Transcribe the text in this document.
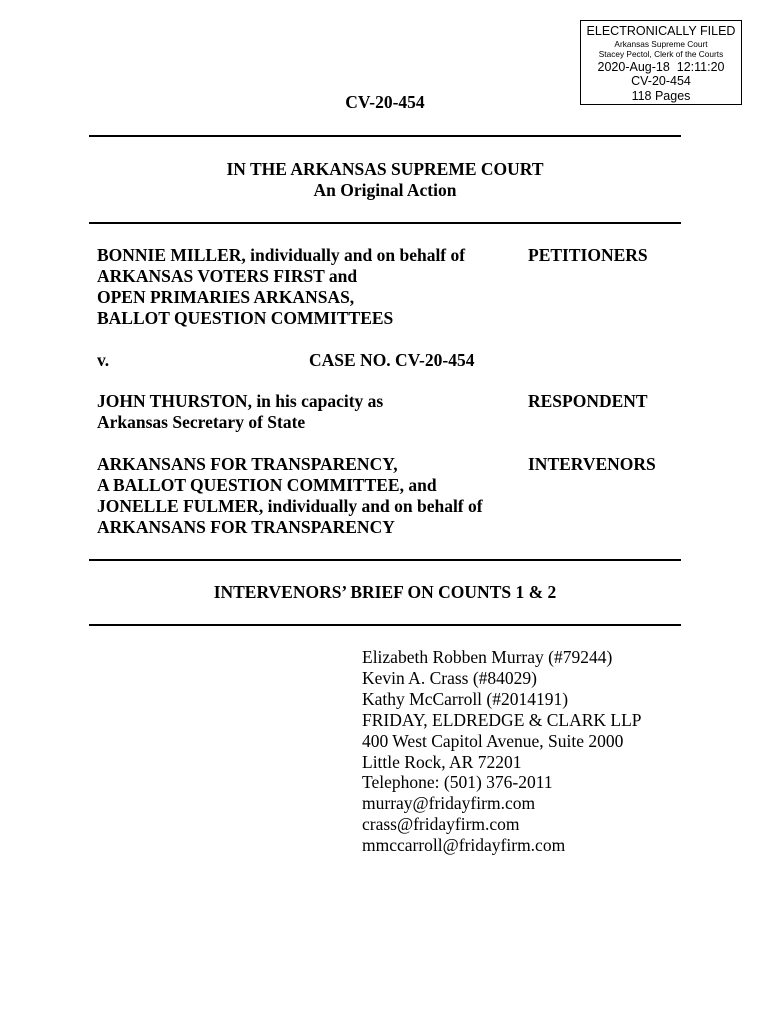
ELECTRONICALLY FILED
Arkansas Supreme Court
Stacey Pectol, Clerk of the Courts
2020-Aug-18  12:11:20
CV-20-454
118 Pages
CV-20-454
IN THE ARKANSAS SUPREME COURT
An Original Action
BONNIE MILLER, individually and on behalf of
ARKANSAS VOTERS FIRST and
OPEN PRIMARIES ARKANSAS,
BALLOT QUESTION COMMITTEES
PETITIONERS
v.	CASE NO. CV-20-454
JOHN THURSTON, in his capacity as
Arkansas Secretary of State
RESPONDENT
ARKANSANS FOR TRANSPARENCY,
A BALLOT QUESTION COMMITTEE, and
JONELLE FULMER, individually and on behalf of
ARKANSANS FOR TRANSPARENCY
INTERVENORS
INTERVENORS’ BRIEF ON COUNTS 1 & 2
Elizabeth Robben Murray (#79244)
Kevin A. Crass (#84029)
Kathy McCarroll (#2014191)
FRIDAY, ELDREDGE & CLARK LLP
400 West Capitol Avenue, Suite 2000
Little Rock, AR 72201
Telephone: (501) 376-2011
murray@fridayfirm.com
crass@fridayfirm.com
mmccarroll@fridayfirm.com
